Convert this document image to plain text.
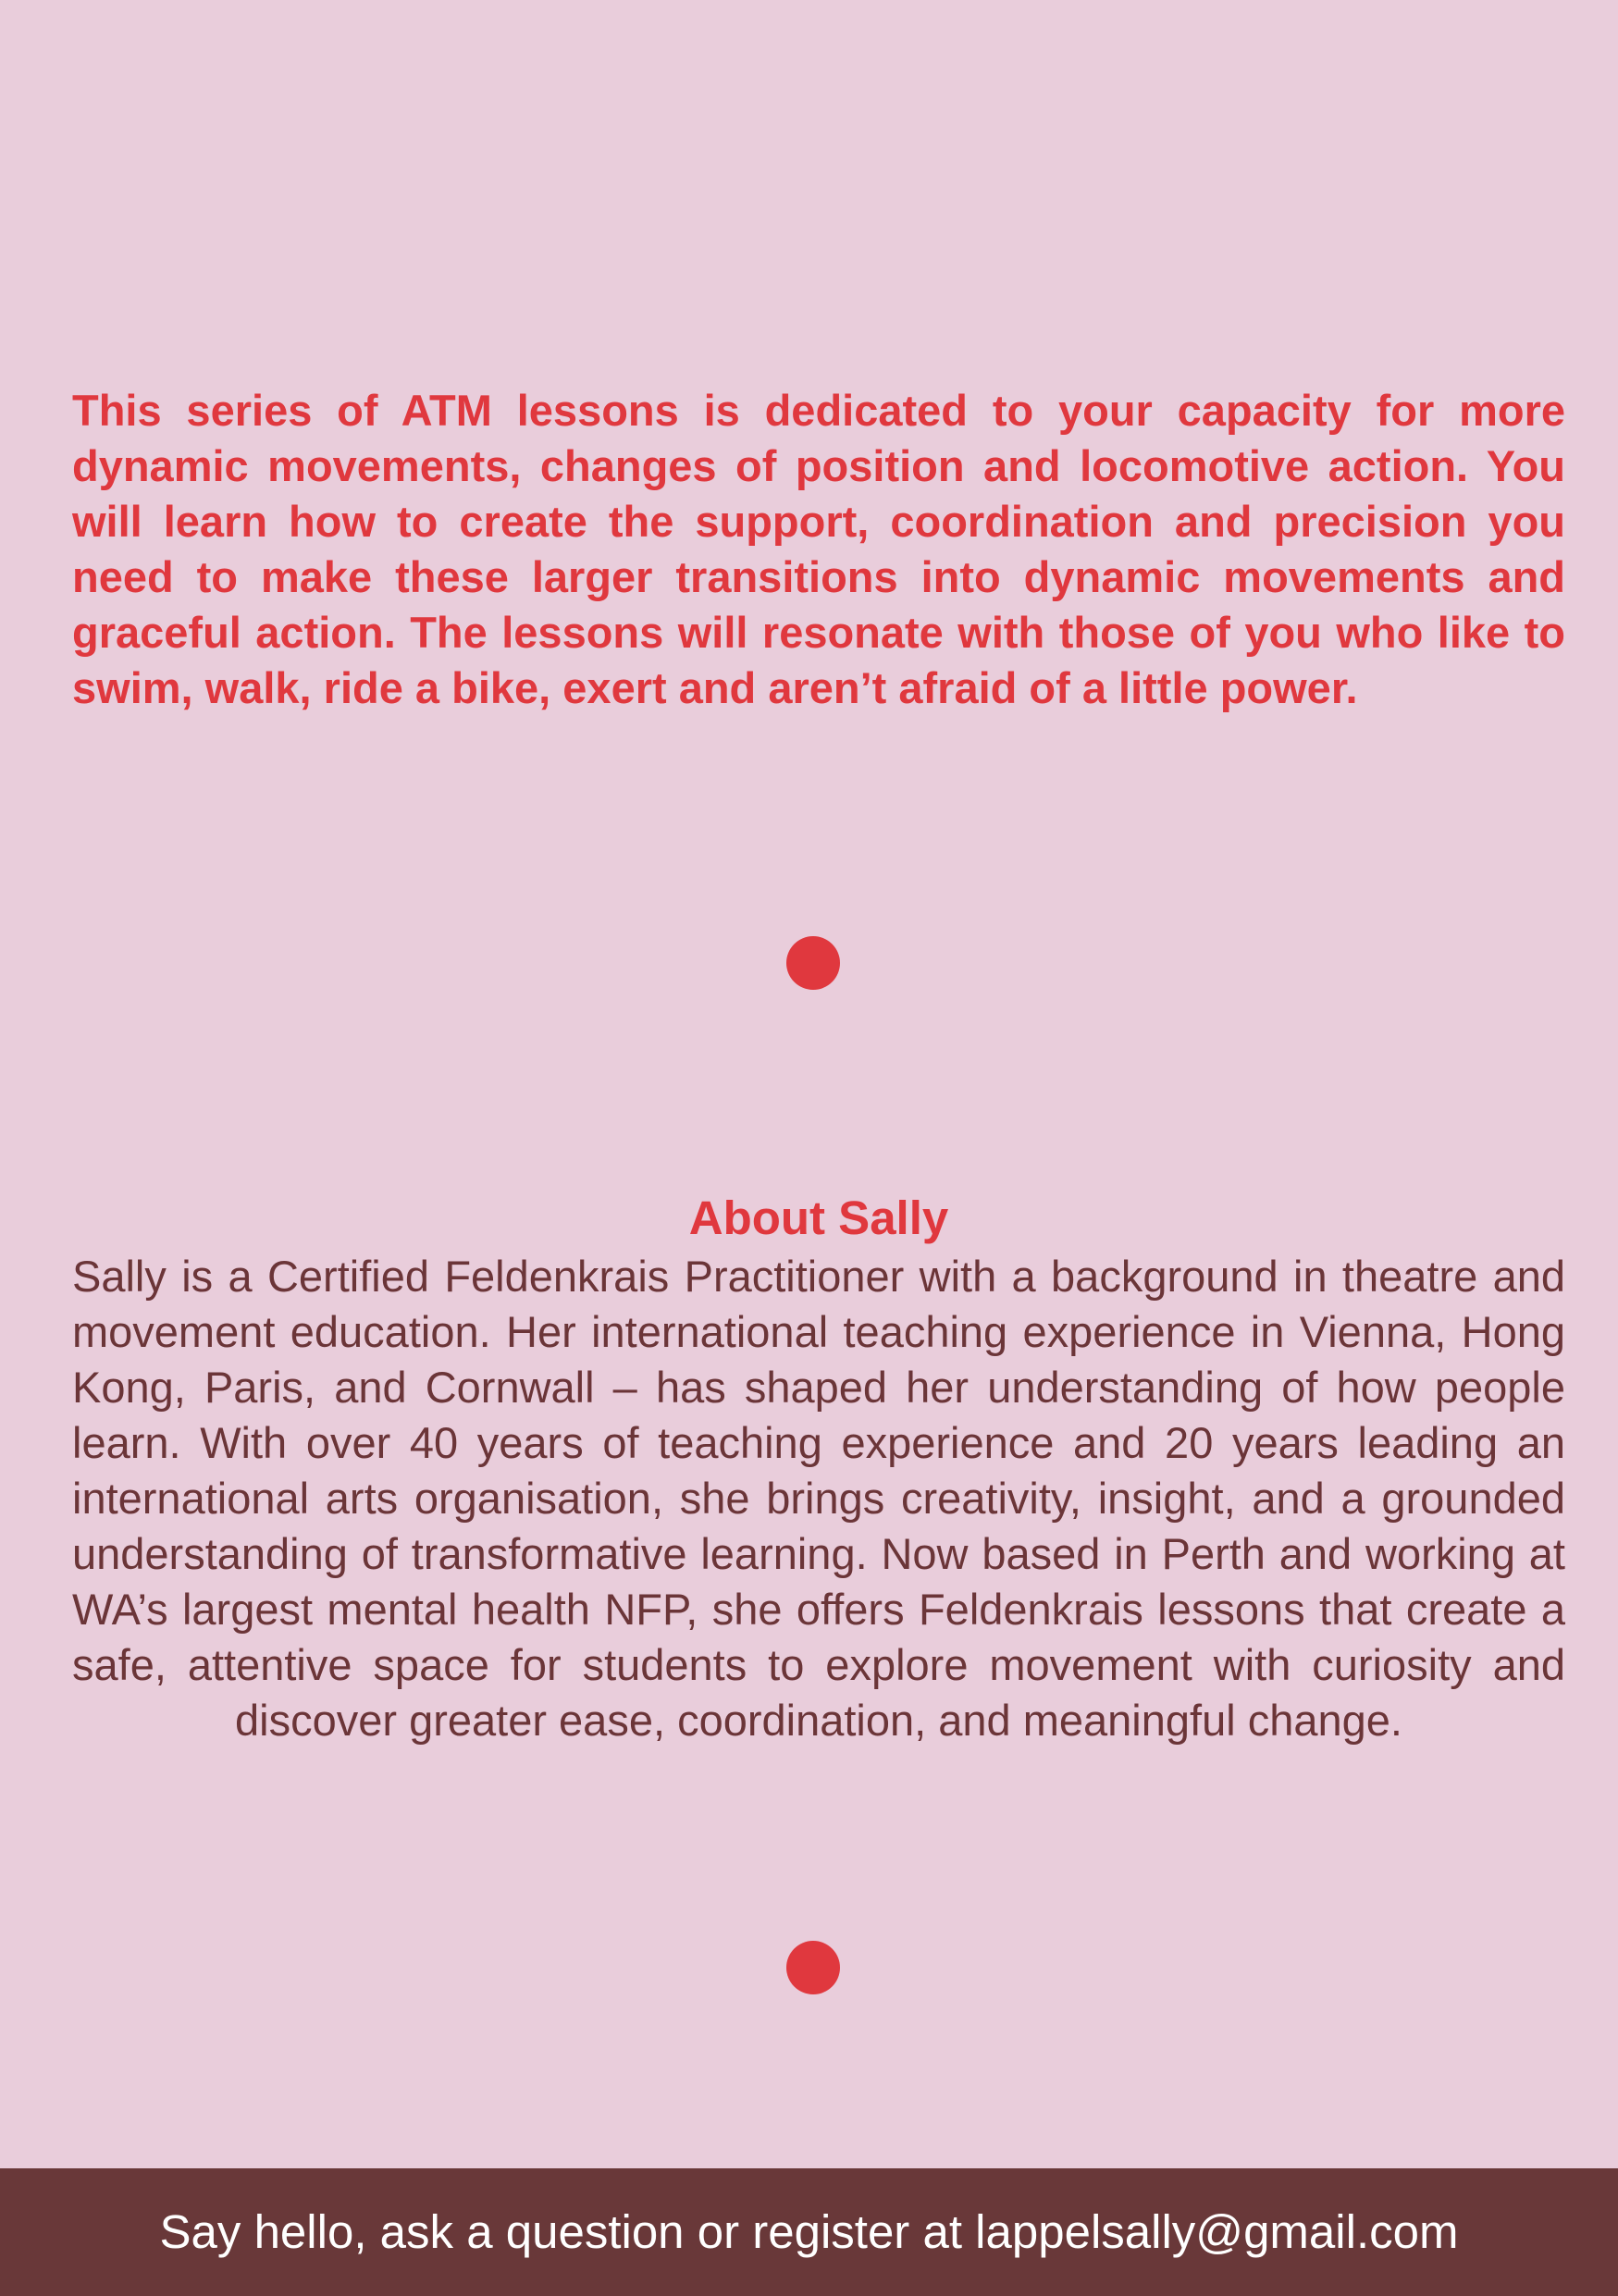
This series of ATM lessons is dedicated to your capacity for more dynamic movements, changes of position and locomotive action. You will learn how to create the support, coordination and precision you need to make these larger transitions into dynamic movements and graceful action. The lessons will resonate with those of you who like to swim, walk, ride a bike, exert and aren’t afraid of a little power.

About Sally

Sally is a Certified Feldenkrais Practitioner with a background in theatre and movement education. Her international teaching experience in Vienna, Hong Kong, Paris, and Cornwall – has shaped her understanding of how people learn. With over 40 years of teaching experience and 20 years leading an international arts organisation, she brings creativity, insight, and a grounded understanding of transformative learning. Now based in Perth and working at WA’s largest mental health NFP, she offers Feldenkrais lessons that create a safe, attentive space for students to explore movement with curiosity and discover greater ease, coordination, and meaningful change.

Say hello, ask a question or register at lappelsally@gmail.com
